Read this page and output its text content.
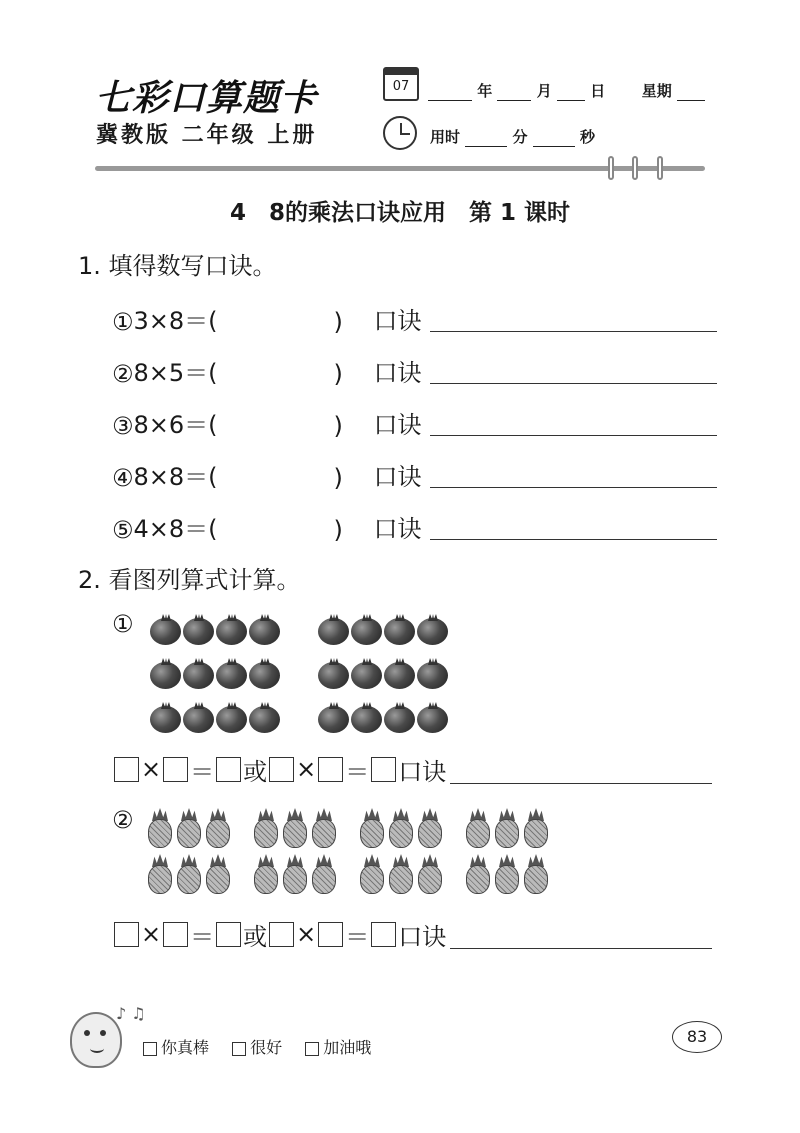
七彩口算题卡
冀教版 二年级 上册
07	年	月	日 星期
用时	分	秒
4　8的乘法口诀应用　第 1 课时
1. 填得数写口诀。
① 3×8＝(	)	口诀
② 8×5＝(	)	口诀
③ 8×6＝(	)	口诀
④ 8×8＝(	)	口诀
⑤ 4×8＝(	)	口诀
2. 看图列算式计算。
①
× ＝ 或 × ＝ 口诀
②
× ＝ 或 × ＝ 口诀
♪ ♫
你真棒	很好	加油哦
83
